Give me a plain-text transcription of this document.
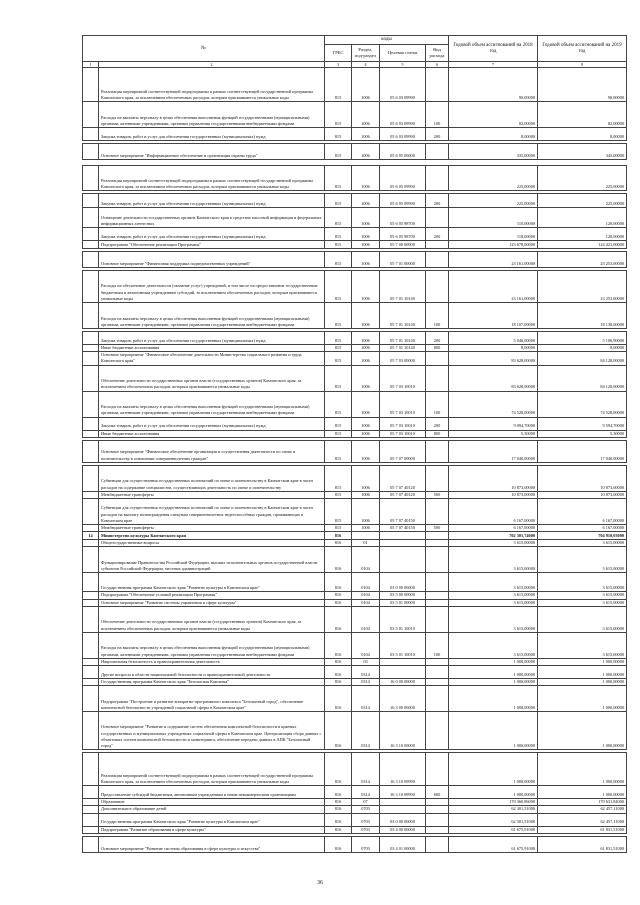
№		коды				Годовой объем ассигнований на 2018 год	Годовой объем ассигнований на 2019 год
		ГРБС	Раздел, под-раздел	Целевая статья	Вид расхода		
1	2	3	4	5	6	7	8
	Реализация мероприятий соответствующей подпрограммы в рамках соответствующей государственной программы Камчатского края, за исключением обеспеченных расходов, которым присваиваются уникальные коды	815	1006	05 6 03 09990		90,00000	90,00000
	Расходы на выплаты персоналу в целях обеспечения выполнения функций государственными (муниципальными) органами, казенными учреждениями, органами управления государственными внебюджетными фондами	815	1006	05 6 03 09990	100	82,00000	82,00000
	Закупка товаров, работ и услуг для обеспечения государственных (муниципальных) нужд	815	1006	05 6 03 09990	200	8,00000	8,00000

	Основное мероприятие "Информационное обеспечение и организация охраны труда"	815	1006	05 6 05 00000		335,00000	345,00000

	Реализация мероприятий соответствующей подпрограммы в рамках соответствующей государственной программы Камчатского края, за исключением обеспеченных расходов, которым присваиваются уникальные коды	815	1006	05 6 05 09990		225,00000	225,00000

	Закупка товаров, работ и услуг для обеспечения государственных (муниципальных) нужд	815	1006	05 6 05 09990	200	225,00000	225,00000
	Оснащение деятельности государственных органов Камчатского края в средствах массовой информации в федеральных информационных агентствах	815	1006	05 6 05 98700		110,00000	120,00000
	Закупка товаров, работ и услуг для обеспечения государственных (муниципальных) нужд	815	1006	05 6 05 98700	200	110,00000	120,00000
	Подпрограмма "Обеспечение реализации Программы"	815	1006	05 7 00 00000		123 678,00000	124 421,00000

	Основное мероприятие "Финансовая поддержка подведомственных учреждений"	815	1006	05 7 01 00000		23 161,00000	23 253,00000

	Расходы на обеспечение деятельности (оказание услуг) учреждений, в том числе на предоставление государственным бюджетным и автономным учреждениям субсидий, за исключением обеспеченных расходов, которым присваиваются уникальные коды	815	1006	05 7 01 10140		23 161,00000	23 253,00000
	Расходы на выплаты персоналу в целях обеспечения выполнения функций государственными (муниципальными) органами, казенными учреждениями, органами управления государственными внебюджетными фондами	815	1006	05 7 01 10140	100	18 107,00000	18 138,00000

	Закупка товаров, работ и услуг для обеспечения государственных (муниципальных) нужд	815	1006	05 7 01 10140	200	5 046,00000	5 106,90000
	Иные бюджетные ассигнования	815	1006	05 7 01 10140	800	8,00000	8,00000
	Основное мероприятие "Финансовое обеспечение деятельности Министерства социального развития и труда Камчатского края"	815	1006	05 7 03 00000		83 628,00000	84 128,00000
	Обеспечение деятельности государственных органов власти (государственных органов) Камчатского края, за исключением обеспеченных расходов, которым присваиваются уникальные коды	815	1006	05 7 03 10010		83 628,00000	84 128,00000
	Расходы на выплаты персоналу в целях обеспечения выполнения функций государственными (муниципальными) органами, казенными учреждениями, органами управления государственными внебюджетными фондами	815	1006	05 7 03 10010	100	74 528,00000	74 528,00000
	Закупка товаров, работ и услуг для обеспечения государственных (муниципальных) нужд	815	1006	05 7 03 10010	200	9 094,70000	9 594,70000
	Иные бюджетные ассигнования	815	1006	05 7 03 10010	800	5,30000	5,30000

	Основное мероприятие "Финансовое обеспечение организации и осуществления деятельности по опеке и попечительству в отношении совершеннолетних граждан"	815	1006	05 7 07 00000		17 040,00000	17 040,00000

	Субвенции для осуществления государственных полномочий по опеке и попечительству в Камчатском крае в части расходов на содержание специалистов, осуществляющих деятельность по опеке и попечительству	815	1006	05 7 07 40120		10 873,00000	10 873,00000
	Межбюджетные трансферты	815	1006	05 7 07 40120	500	10 873,00000	10 873,00000
	Субвенции для осуществления государственных полномочий по опеке и попечительству в Камчатском крае в части расходов на выплату вознаграждения опекунам совершеннолетних недееспособных граждан, проживающих в Камчатском крае	815	1006	05 7 07 40150		6 167,00000	6 167,00000
	Межбюджетные трансферты	815	1006	05 7 07 40150	500	6 167,00000	6 167,00000
14	Министерство культуры Камчатского края	816				702 301,74000	704 910,03000
	Общегосударственные вопросы	816	01			3 615,00000	3 615,00000
	Функционирование Правительства Российской Федерации, высших исполнительных органов государственной власти субъектов Российской Федерации, местных администраций	816	0104			3 615,00000	3 615,00000
	Государственная программа Камчатского края "Развитие культуры в Камчатском крае"	816	0104	03 0 00 00000		3 615,00000	3 615,00000
	Подпрограмма "Обеспечение условий реализации Программы"	816	0104	03 5 00 00000		3 615,00000	3 615,00000
	Основное мероприятие "Развитие системы управления в сфере культуры"	816	0104	03 5 01 00000		3 615,00000	3 615,00000
	Обеспечение деятельности государственных органов власти (государственных органов) Камчатского края, за исключением обеспеченных расходов, которым присваиваются уникальные коды	816	0104	03 5 01 10010		3 615,00000	3 615,00000
	Расходы на выплаты персоналу в целях обеспечения выполнения функций государственными (муниципальными) органами, казенными учреждениями, органами управления государственными внебюджетными фондами	816	0104	03 5 01 10010	100	3 615,00000	3 615,00000
	Национальная безопасность и правоохранительная деятельность	816	03			1 000,00000	1 000,00000
	Другие вопросы в области национальной безопасности и правоохранительной деятельности	816	0314			1 000,00000	1 000,00000
	Государственная программа Камчатского края "Безопасная Камчатка"	816	0314	16 0 00 00000		1 000,00000	1 000,00000
	Подпрограмма "Построение и развитие аппаратно-программного комплекса "Безопасный город", обеспечение комплексной безопасности учреждений социальной сферы в Камчатском крае"	816	0314	16 3 00 00000		1 000,00000	1 000,00000
	Основное мероприятие "Развитие и содержание систем обеспечения комплексной безопасности в краевых государственных и муниципальных учреждениях социальной сферы в Камчатском крае. Централизация сбора данных с объектовых систем комплексной безопасности и мониторинга, обеспечение передачи данных в АПК "Безопасный город"	816	0314	16 3 10 00000		1 000,00000	1 000,00000

	Реализация мероприятий соответствующей подпрограммы в рамках соответствующей государственной программы Камчатского края, за исключением обеспеченных расходов, которым присваиваются уникальные коды	816	0314	16 3 10 09990		1 000,00000	1 000,00000
	Предоставление субсидий бюджетным, автономным учреждениям и иным некоммерческим организациям	816	0314	16 3 10 09990	600	1 000,00000	1 000,00000
	Образование	816	07			170 360,86000	170 631,84000
	Дополнительное образование детей	816	0703			62 301,51000	62 457,11000
	Государственная программа Камчатского края "Развитие культуры в Камчатском крае"	816	0703	03 0 00 00000		62 301,51000	62 457,11000
	Подпрограмма "Развитие образования в сфере культуры"	816	0703	03 4 00 00000		61 675,91000	61 831,51000

	Основное мероприятие "Развитие системы образования в сфере культуры и искусства"	816	0703	03 4 01 00000		61 675,91000	61 831,51000
36
